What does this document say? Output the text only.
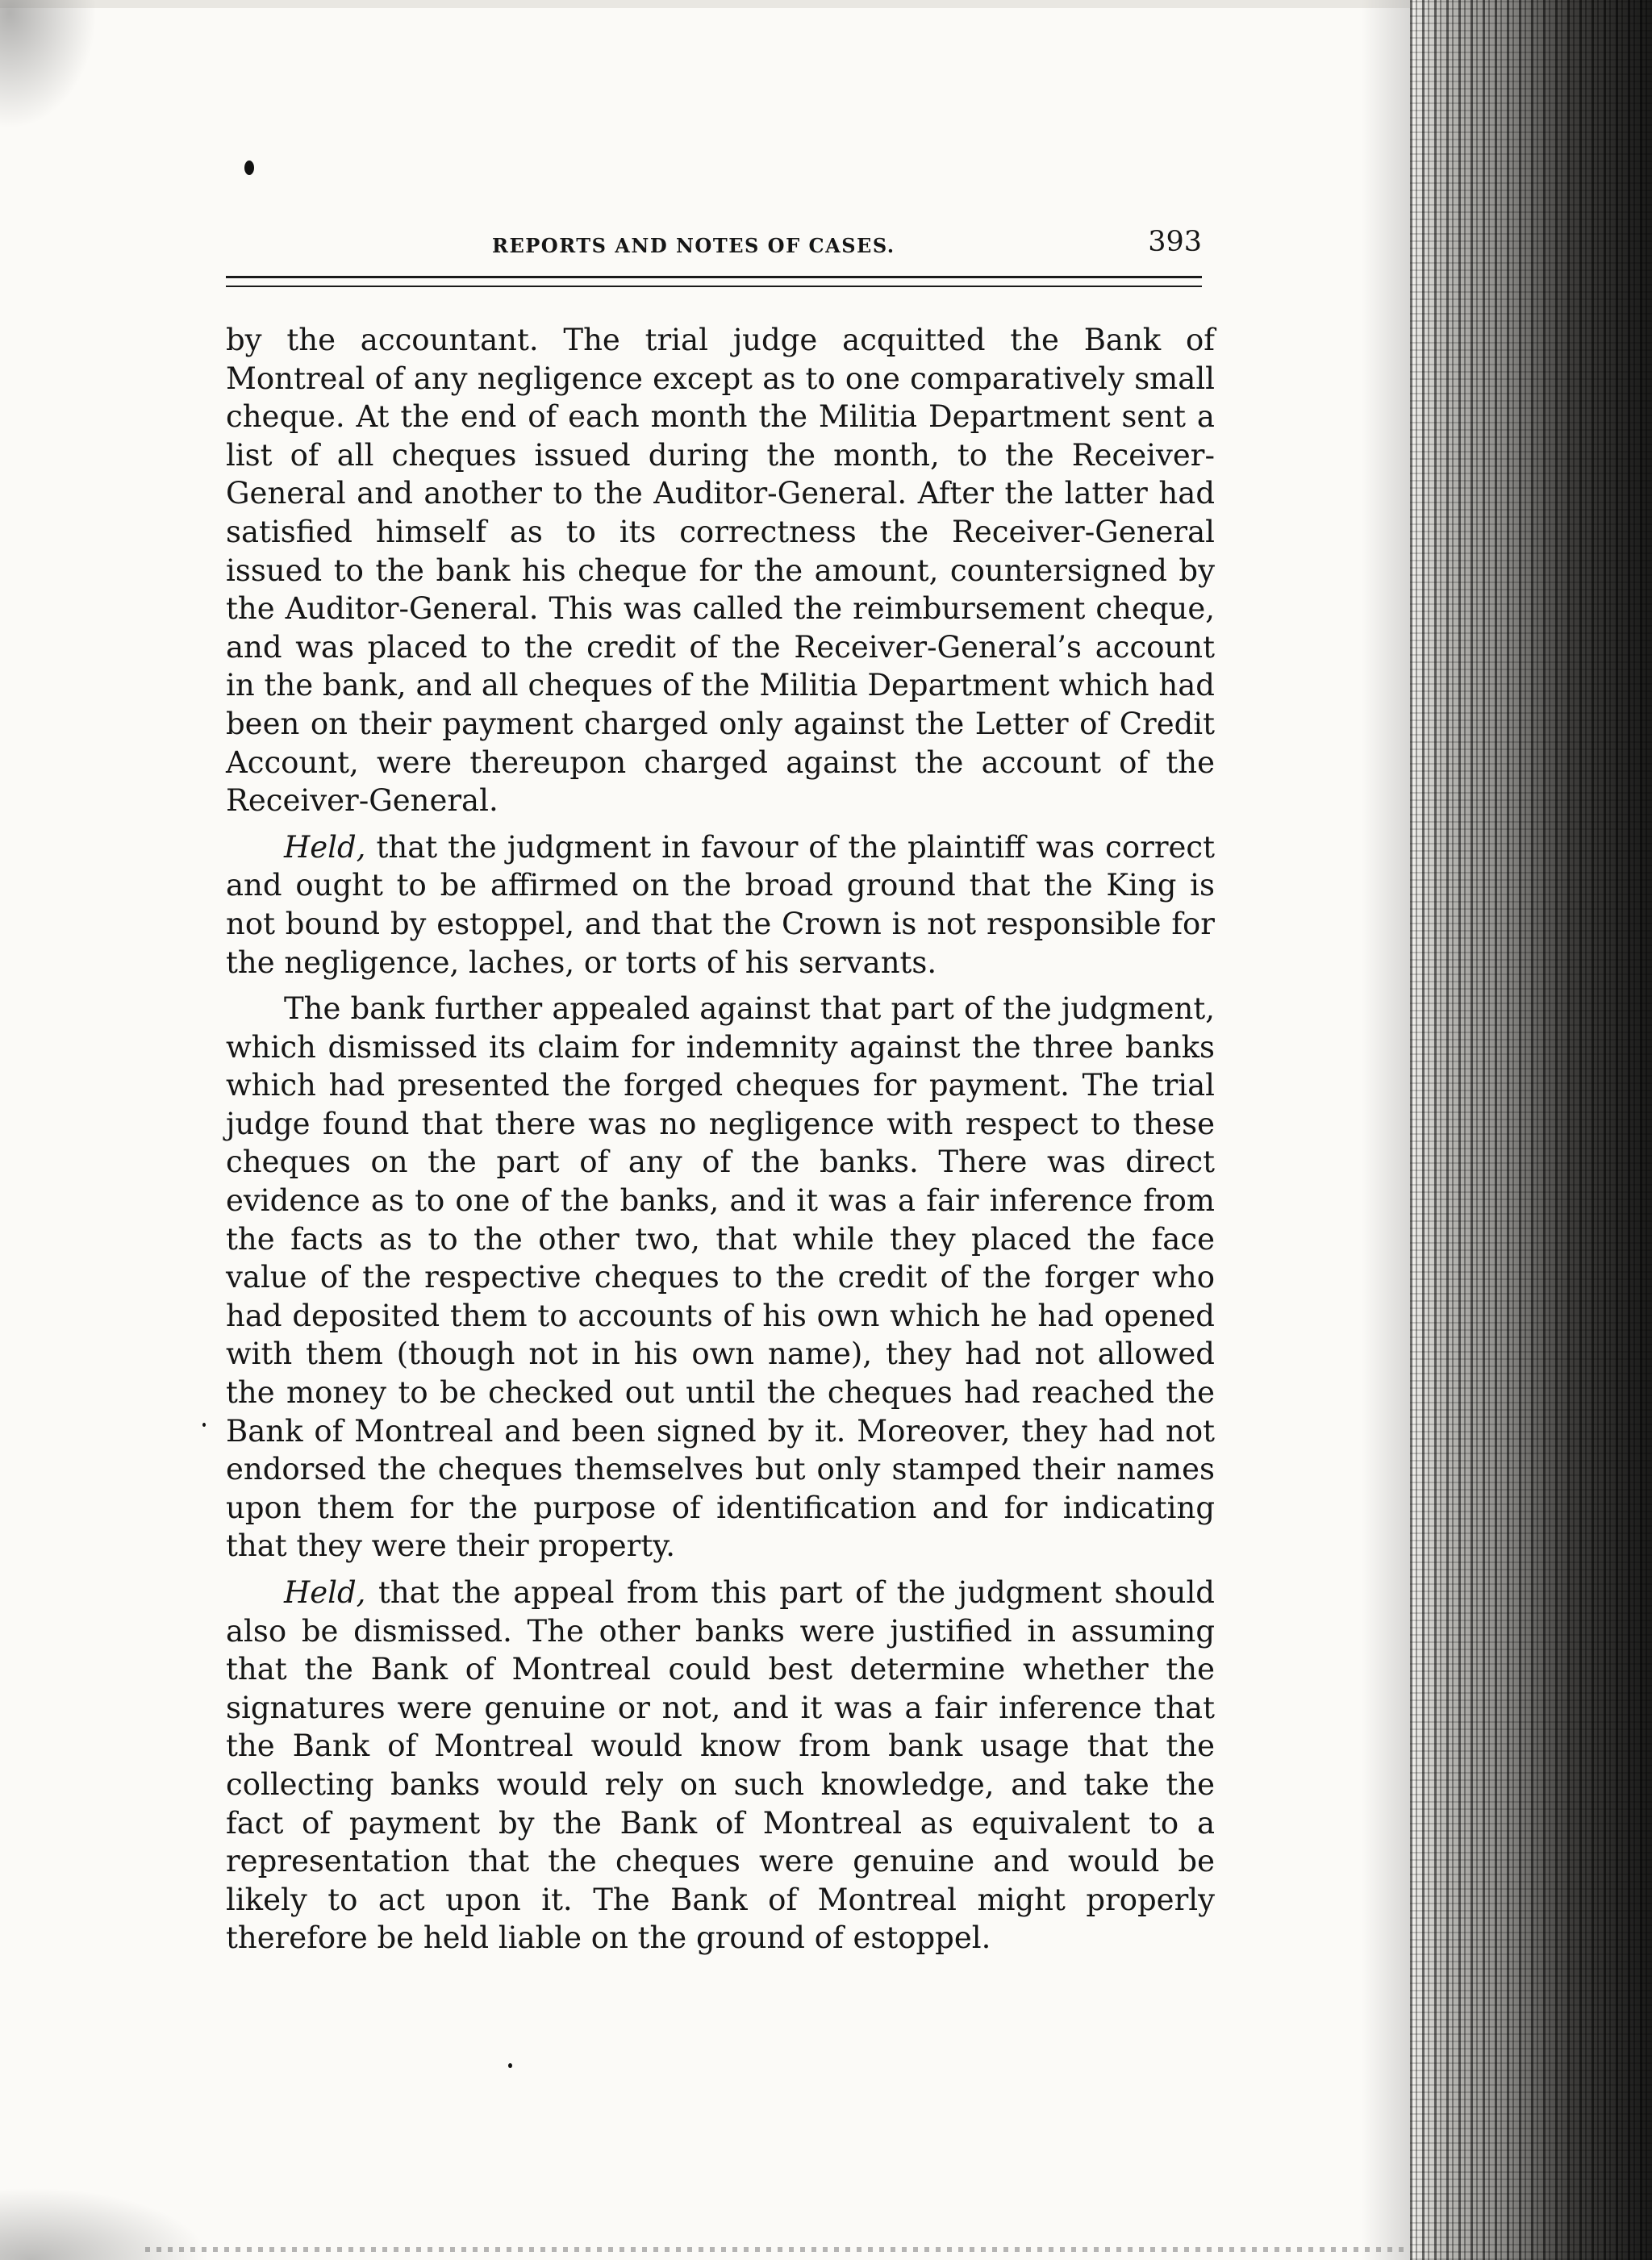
REPORTS AND NOTES OF CASES.	393

by the accountant. The trial judge acquitted the Bank of Montreal of any negligence except as to one comparatively small cheque. At the end of each month the Militia Department sent a list of all cheques issued during the month, to the Receiver-General and another to the Auditor-General. After the latter had satisfied himself as to its correctness the Receiver-General issued to the bank his cheque for the amount, countersigned by the Auditor-General. This was called the reimbursement cheque, and was placed to the credit of the Receiver-General’s account in the bank, and all cheques of the Militia Department which had been on their payment charged only against the Letter of Credit Account, were thereupon charged against the account of the Receiver-General.

Held, that the judgment in favour of the plaintiff was correct and ought to be affirmed on the broad ground that the King is not bound by estoppel, and that the Crown is not responsible for the negligence, laches, or torts of his servants.

The bank further appealed against that part of the judgment, which dismissed its claim for indemnity against the three banks which had presented the forged cheques for payment. The trial judge found that there was no negligence with respect to these cheques on the part of any of the banks. There was direct evidence as to one of the banks, and it was a fair inference from the facts as to the other two, that while they placed the face value of the respective cheques to the credit of the forger who had deposited them to accounts of his own which he had opened with them (though not in his own name), they had not allowed the money to be checked out until the cheques had reached the Bank of Montreal and been signed by it. Moreover, they had not endorsed the cheques themselves but only stamped their names upon them for the purpose of identification and for indicating that they were their property.

Held, that the appeal from this part of the judgment should also be dismissed. The other banks were justified in assuming that the Bank of Montreal could best determine whether the signatures were genuine or not, and it was a fair inference that the Bank of Montreal would know from bank usage that the collecting banks would rely on such knowledge, and take the fact of payment by the Bank of Montreal as equivalent to a representation that the cheques were genuine and would be likely to act upon it. The Bank of Montreal might properly therefore be held liable on the ground of estoppel.
